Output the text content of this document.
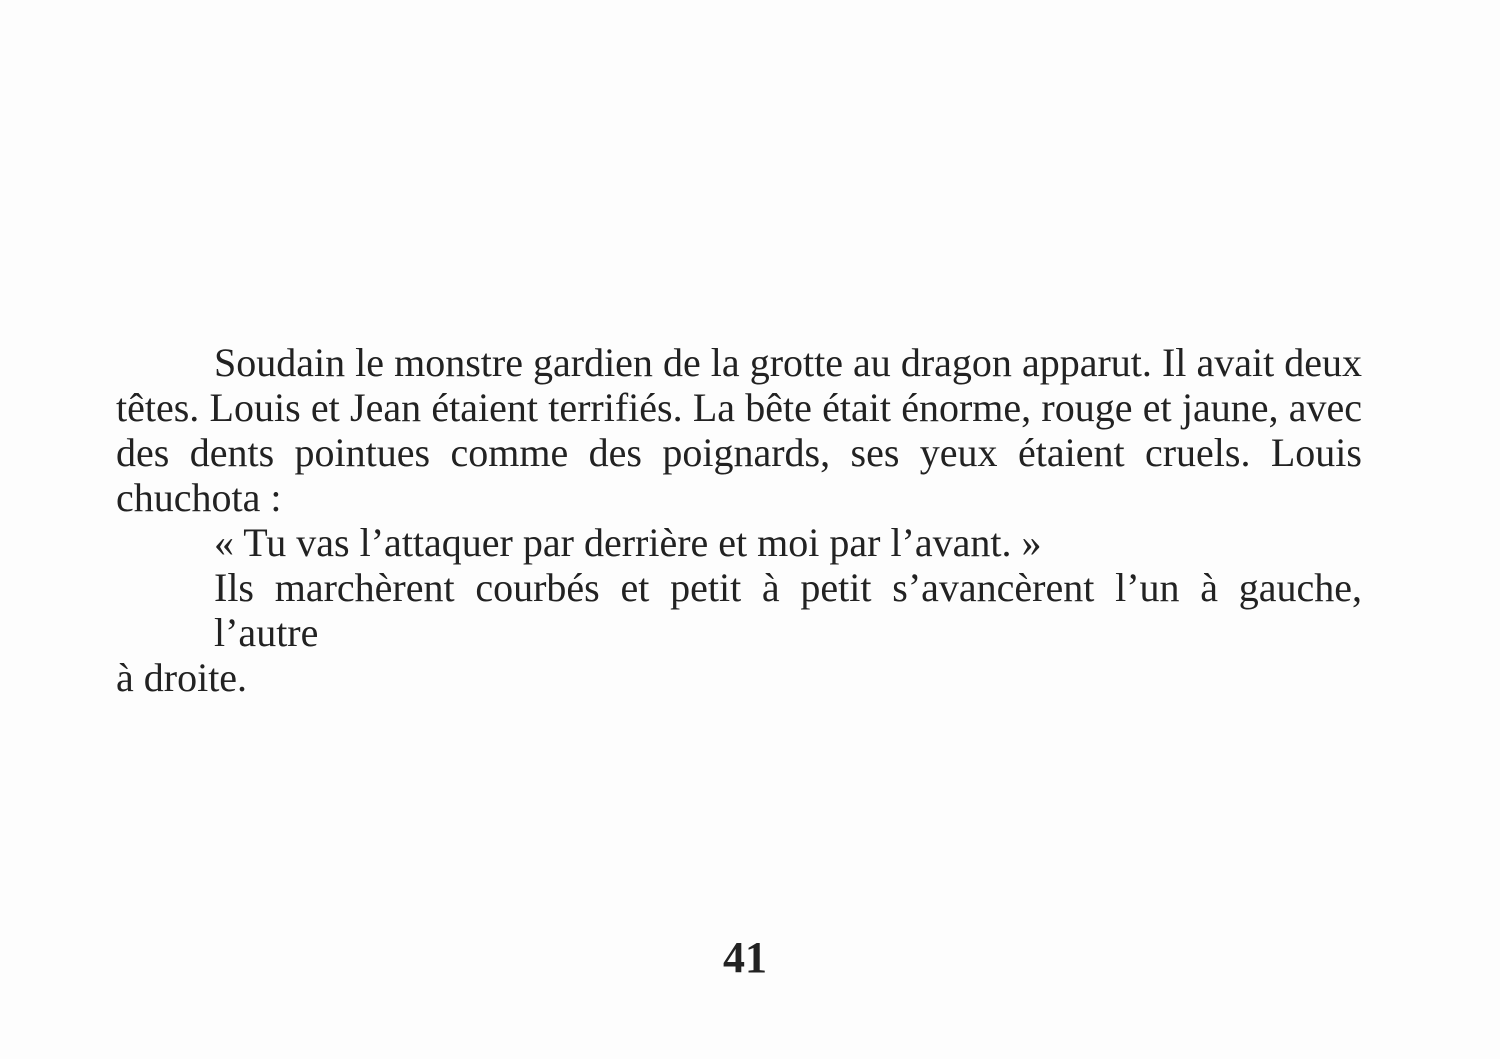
Soudain le monstre gardien de la grotte au dragon apparut. Il avait deux
têtes. Louis et Jean étaient terrifiés. La bête était énorme, rouge et jaune, avec
des dents pointues comme des poignards, ses yeux étaient cruels. Louis
chuchota :
« Tu vas l’attaquer par derrière et moi par l’avant. »
Ils marchèrent courbés et petit à petit s’avancèrent l’un à gauche, l’autre
à droite.
41
